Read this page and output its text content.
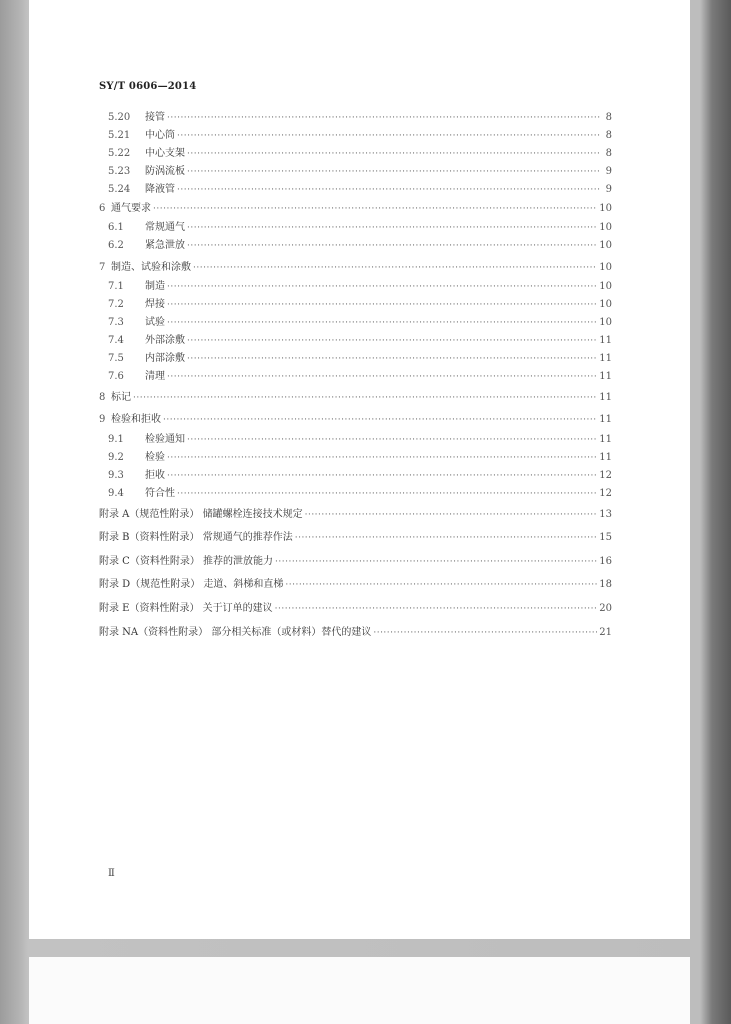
SY/T 0606—2014
5.20	接管 ·····	8
5.21	中心筒 ·····	8
5.22	中心支架 ·····	8
5.23	防涡流板 ·····	9
5.24	降液管 ·····	9
6 通气要求 ·····	10
6.1	常规通气 ·····	10
6.2	紧急泄放 ·····	10
7 制造、试验和涂敷 ·····	10
7.1	制造 ·····	10
7.2	焊接 ·····	10
7.3	试验 ·····	10
7.4	外部涂敷 ·····	11
7.5	内部涂敷 ·····	11
7.6	清理 ·····	11
8 标记 ·····	11
9 检验和拒收 ·····	11
9.1	检验通知 ·····	11
9.2	检验 ·····	11
9.3	拒收 ·····	12
9.4	符合性 ·····	12
附录 A（规范性附录） 储罐螺栓连接技术规定 ·····	13
附录 B（资料性附录） 常规通气的推荐作法 ·····	15
附录 C（资料性附录） 推荐的泄放能力 ·····	16
附录 D（规范性附录） 走道、斜梯和直梯 ·····	18
附录 E（资料性附录） 关于订单的建议 ·····	20
附录 NA（资料性附录） 部分相关标准（或材料）替代的建议 ·····	21
Ⅱ
